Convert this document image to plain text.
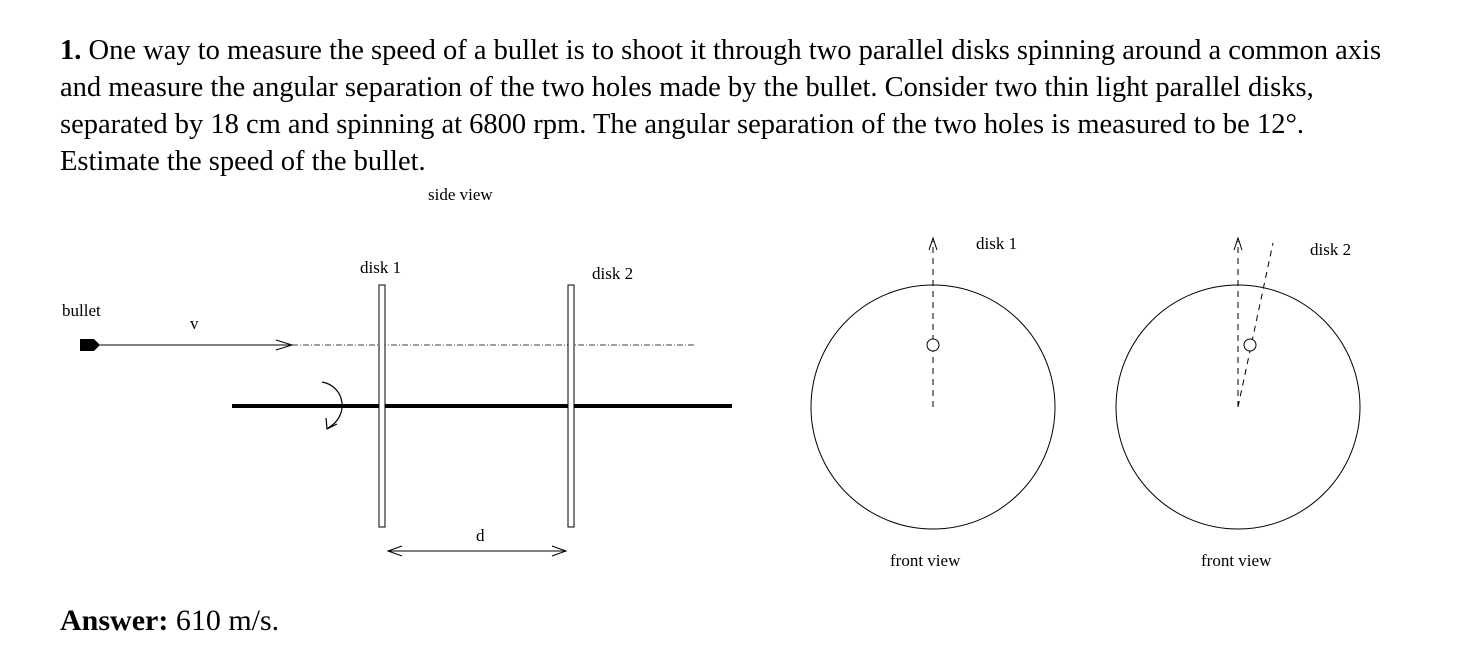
1. One way to measure the speed of a bullet is to shoot it through two parallel disks spinning around a common axis and measure the angular separation of the two holes made by the bullet. Consider two thin light parallel disks, separated by 18 cm and spinning at 6800 rpm. The angular separation of the two holes is measured to be 12°. Estimate the speed of the bullet.

side view
bullet
v
disk 1	disk 2
d
disk 1
front view
disk 2
front view

Answer: 610 m/s.
